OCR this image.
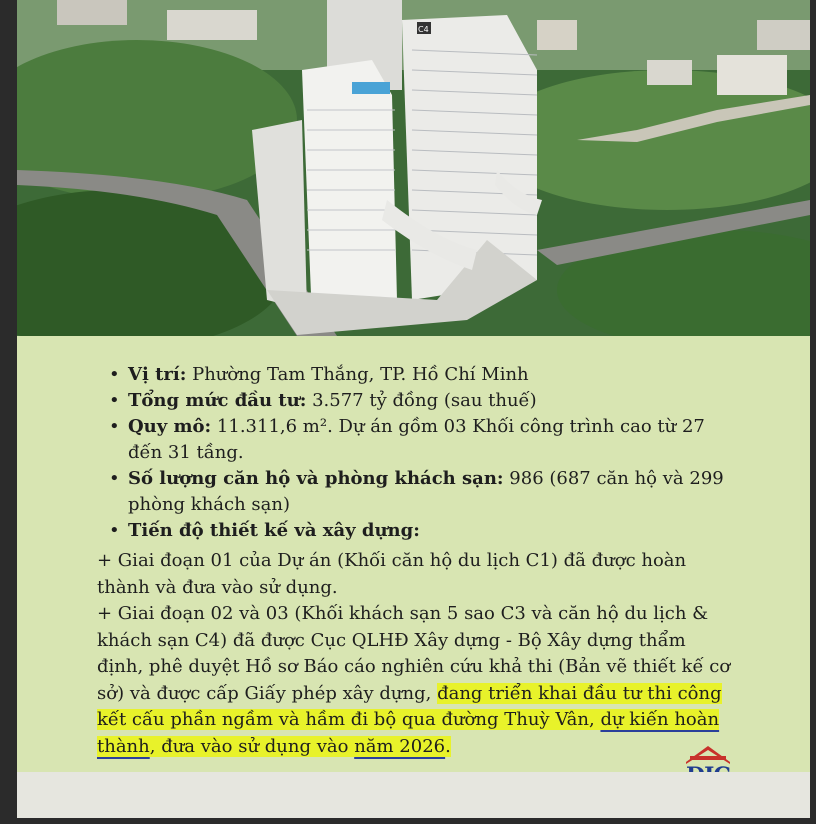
C4
• Vị trí: Phường Tam Thắng, TP. Hồ Chí Minh
• Tổng mức đầu tư: 3.577 tỷ đồng (sau thuế)
• Quy mô: 11.311,6 m². Dự án gồm 03 Khối công trình cao từ 27 đến 31 tầng.
• Số lượng căn hộ và phòng khách sạn: 986 (687 căn hộ và 299 phòng khách sạn)
• Tiến độ thiết kế và xây dựng:
+ Giai đoạn 01 của Dự án (Khối căn hộ du lịch C1) đã được hoàn thành và đưa vào sử dụng.
+ Giai đoạn 02 và 03 (Khối khách sạn 5 sao C3 và căn hộ du lịch & khách sạn C4) đã được Cục QLHĐ Xây dựng - Bộ Xây dựng thẩm định, phê duyệt Hồ sơ Báo cáo nghiên cứu khả thi (Bản vẽ thiết kế cơ sở) và được cấp Giấy phép xây dựng, đang triển khai đầu tư thi công kết cấu phần ngầm và hầm đi bộ qua đường Thuỳ Vân, dự kiến hoàn thành, đưa vào sử dụng vào năm 2026.
